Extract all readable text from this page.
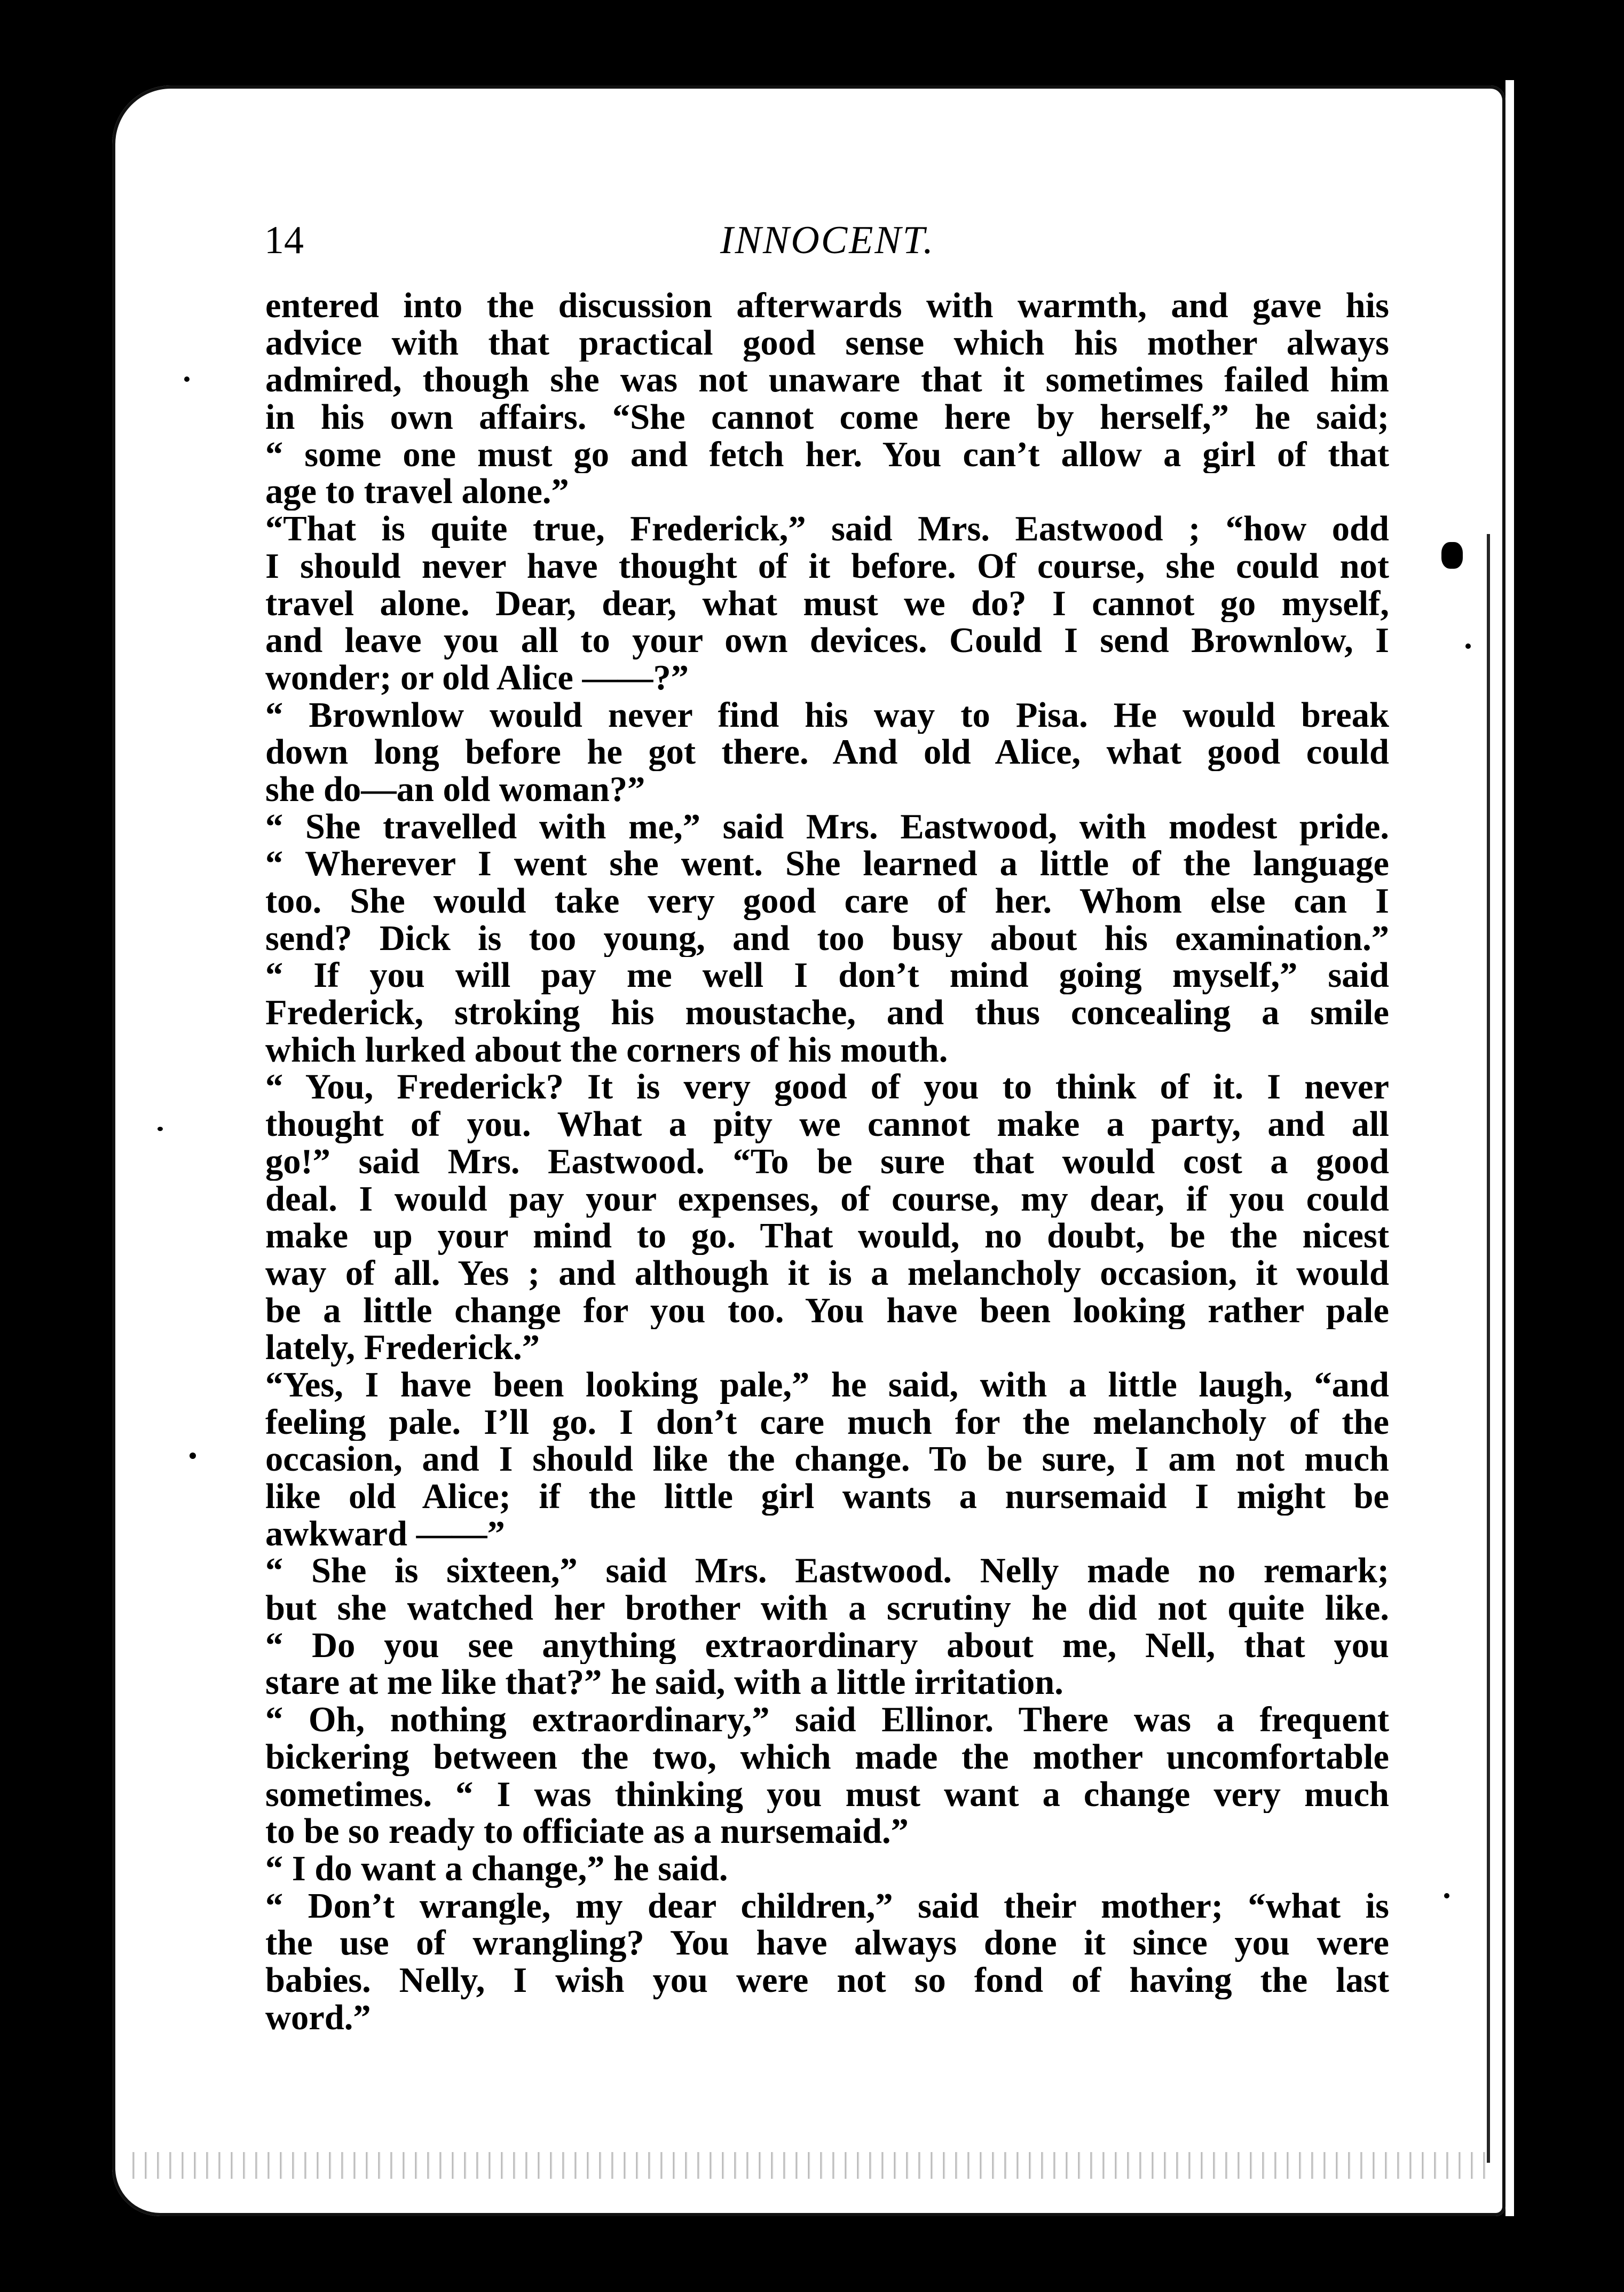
14	INNOCENT.
entered into the discussion afterwards with warmth, and gave his
advice with that practical good sense which his mother always
admired, though she was not unaware that it sometimes failed him
in his own affairs. “She cannot come here by herself,” he said;
“ some one must go and fetch her. You can’t allow a girl of that
age to travel alone.”
“That is quite true, Frederick,” said Mrs. Eastwood ; “how odd
I should never have thought of it before. Of course, she could not
travel alone. Dear, dear, what must we do? I cannot go myself,
and leave you all to your own devices. Could I send Brownlow, I
wonder; or old Alice ——?”
“ Brownlow would never find his way to Pisa. He would break
down long before he got there. And old Alice, what good could
she do—an old woman?”
“ She travelled with me,” said Mrs. Eastwood, with modest pride.
“ Wherever I went she went. She learned a little of the language
too. She would take very good care of her. Whom else can I
send? Dick is too young, and too busy about his examination.”
“ If you will pay me well I don’t mind going myself,” said
Frederick, stroking his moustache, and thus concealing a smile
which lurked about the corners of his mouth.
“ You, Frederick? It is very good of you to think of it. I never
thought of you. What a pity we cannot make a party, and all
go!” said Mrs. Eastwood. “To be sure that would cost a good
deal. I would pay your expenses, of course, my dear, if you could
make up your mind to go. That would, no doubt, be the nicest
way of all. Yes ; and although it is a melancholy occasion, it would
be a little change for you too. You have been looking rather pale
lately, Frederick.”
“Yes, I have been looking pale,” he said, with a little laugh, “and
feeling pale. I’ll go. I don’t care much for the melancholy of the
occasion, and I should like the change. To be sure, I am not much
like old Alice; if the little girl wants a nursemaid I might be
awkward ——”
“ She is sixteen,” said Mrs. Eastwood. Nelly made no remark;
but she watched her brother with a scrutiny he did not quite like.
“ Do you see anything extraordinary about me, Nell, that you
stare at me like that?” he said, with a little irritation.
“ Oh, nothing extraordinary,” said Ellinor. There was a frequent
bickering between the two, which made the mother uncomfortable
sometimes. “ I was thinking you must want a change very much
to be so ready to officiate as a nursemaid.”
“ I do want a change,” he said.
“ Don’t wrangle, my dear children,” said their mother; “what is
the use of wrangling? You have always done it since you were
babies. Nelly, I wish you were not so fond of having the last
word.”
